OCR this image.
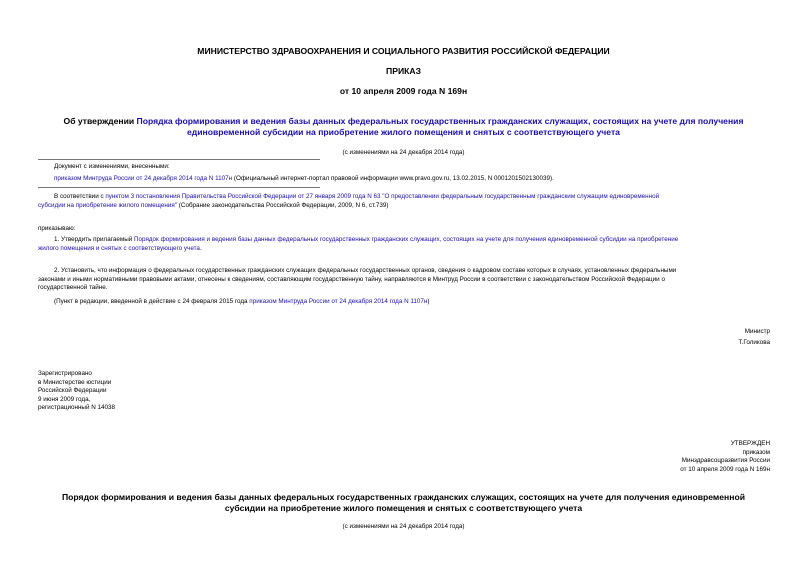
МИНИСТЕРСТВО ЗДРАВООХРАНЕНИЯ И СОЦИАЛЬНОГО РАЗВИТИЯ РОССИЙСКОЙ ФЕДЕРАЦИИ
ПРИКАЗ
от 10 апреля 2009 года N 169н
Об утверждении Порядка формирования и ведения базы данных федеральных государственных гражданских служащих, состоящих на учете для получения
единовременной субсидии на приобретение жилого помещения и снятых с соответствующего учета
(с изменениями на 24 декабря 2014 года)
Документ с изменениями, внесенными:
приказом Минтруда России от 24 декабря 2014 года N 1107н (Официальный интернет-портал правовой информации www.pravo.gov.ru, 13.02.2015, N 0001201502130039).
В соответствии с пунктом 3 постановления Правительства Российской Федерации от 27 января 2009 года N 63 "О предоставлении федеральным государственным гражданским служащим единовременной
субсидии на приобретение жилого помещения" (Собрание законодательства Российской Федерации, 2009, N 6, ст.739)
приказываю:
1. Утвердить прилагаемый Порядок формирования и ведения базы данных федеральных государственных гражданских служащих, состоящих на учете для получения единовременной субсидии на приобретение
жилого помещения и снятых с соответствующего учета.
2. Установить, что информация о федеральных государственных гражданских служащих федеральных государственных органов, сведения о кадровом составе которых в случаях, установленных федеральными
законами и иными нормативными правовыми актами, отнесены к сведениям, составляющим государственную тайну, направляются в Минтруд России в соответствии с законодательством Российской Федерации о
государственной тайне.
(Пункт в редакции, введенной в действие с 24 февраля 2015 года приказом Минтруда России от 24 декабря 2014 года N 1107н)
Министр
Т.Голикова
Зарегистрировано
в Министерстве юстиции
Российской Федерации
9 июня 2009 года,
регистрационный N 14038
УТВЕРЖДЕН
приказом
Минздравсоцразвития России
от 10 апреля 2009 года N 169н
Порядок формирования и ведения базы данных федеральных государственных гражданских служащих, состоящих на учете для получения единовременной
субсидии на приобретение жилого помещения и снятых с соответствующего учета
(с изменениями на 24 декабря 2014 года)
